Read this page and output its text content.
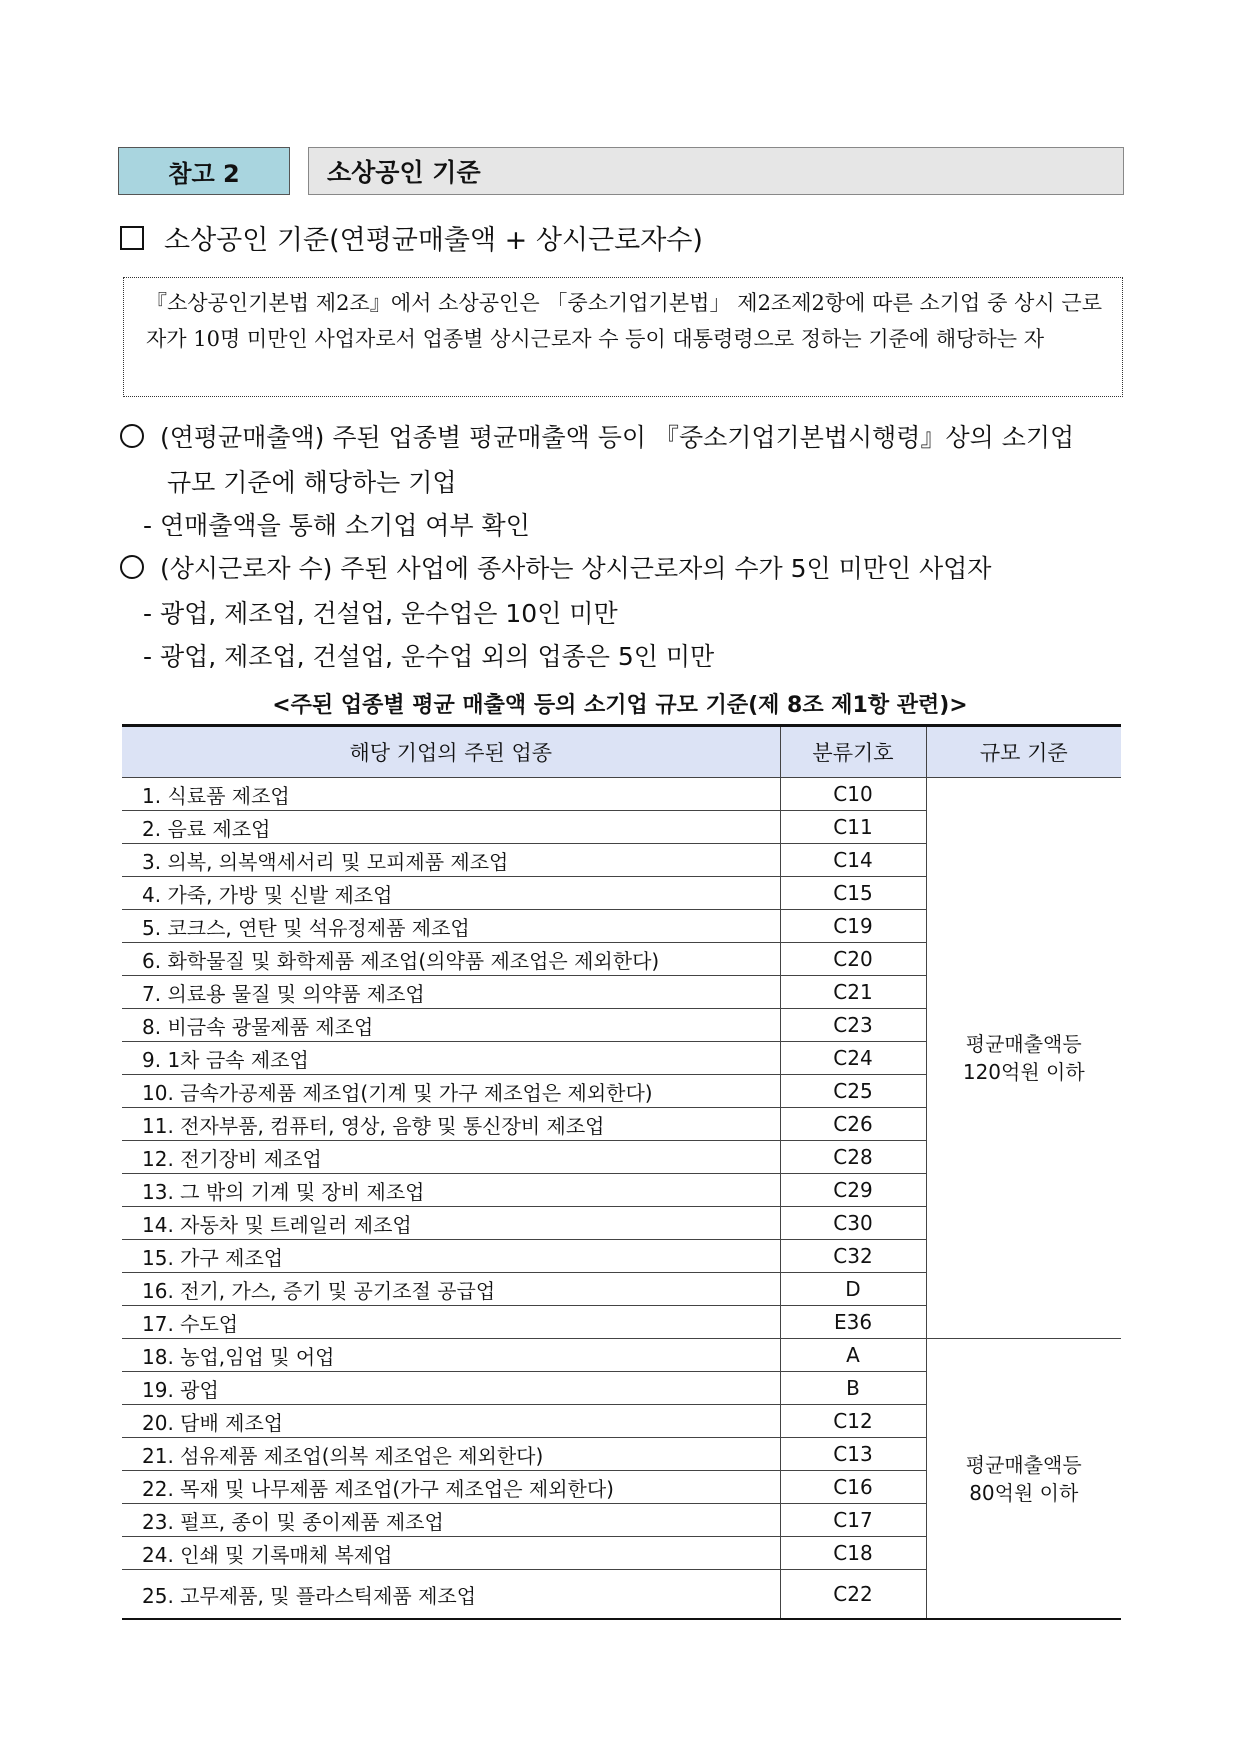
참고 2	소상공인 기준
소상공인 기준(연평균매출액 + 상시근로자수)
『소상공인기본법 제2조』에서 소상공인은 「중소기업기본법」 제2조제2항에 따른 소기업 중 상시 근로자가 10명 미만인 사업자로서 업종별 상시근로자 수 등이 대통령령으로 정하는 기준에 해당하는 자
(연평균매출액) 주된 업종별 평균매출액 등이 『중소기업기본법시행령』상의 소기업
규모 기준에 해당하는 기업
- 연매출액을 통해 소기업 여부 확인
(상시근로자 수) 주된 사업에 종사하는 상시근로자의 수가 5인 미만인 사업자
- 광업, 제조업, 건설업, 운수업은 10인 미만
- 광업, 제조업, 건설업, 운수업 외의 업종은 5인 미만
<주된 업종별 평균 매출액 등의 소기업 규모 기준(제 8조 제1항 관련)>
해당 기업의 주된 업종	분류기호	규모 기준
1. 식료품 제조업	C10	평균매출액등
120억원 이하

2. 음료 제조업	C11	
3. 의복, 의복액세서리 및 모피제품 제조업	C14	
4. 가죽, 가방 및 신발 제조업	C15	
5. 코크스, 연탄 및 석유정제품 제조업	C19	
6. 화학물질 및 화학제품 제조업(의약품 제조업은 제외한다)	C20	
7. 의료용 물질 및 의약품 제조업	C21	
8. 비금속 광물제품 제조업	C23	
9. 1차 금속 제조업	C24	
10. 금속가공제품 제조업(기계 및 가구 제조업은 제외한다)	C25	
11. 전자부품, 컴퓨터, 영상, 음향 및 통신장비 제조업	C26	
12. 전기장비 제조업	C28	
13. 그 밖의 기계 및 장비 제조업	C29	
14. 자동차 및 트레일러 제조업	C30	
15. 가구 제조업	C32	
16. 전기, 가스, 증기 및 공기조절 공급업	D	
17. 수도업	E36	
18. 농업,임업 및 어업	A	평균매출액등
80억원 이하

19. 광업	B	
20. 담배 제조업	C12	
21. 섬유제품 제조업(의복 제조업은 제외한다)	C13	
22. 목재 및 나무제품 제조업(가구 제조업은 제외한다)	C16	
23. 펄프, 종이 및 종이제품 제조업	C17	
24. 인쇄 및 기록매체 복제업	C18	
25. 고무제품, 및 플라스틱제품 제조업	C22	
